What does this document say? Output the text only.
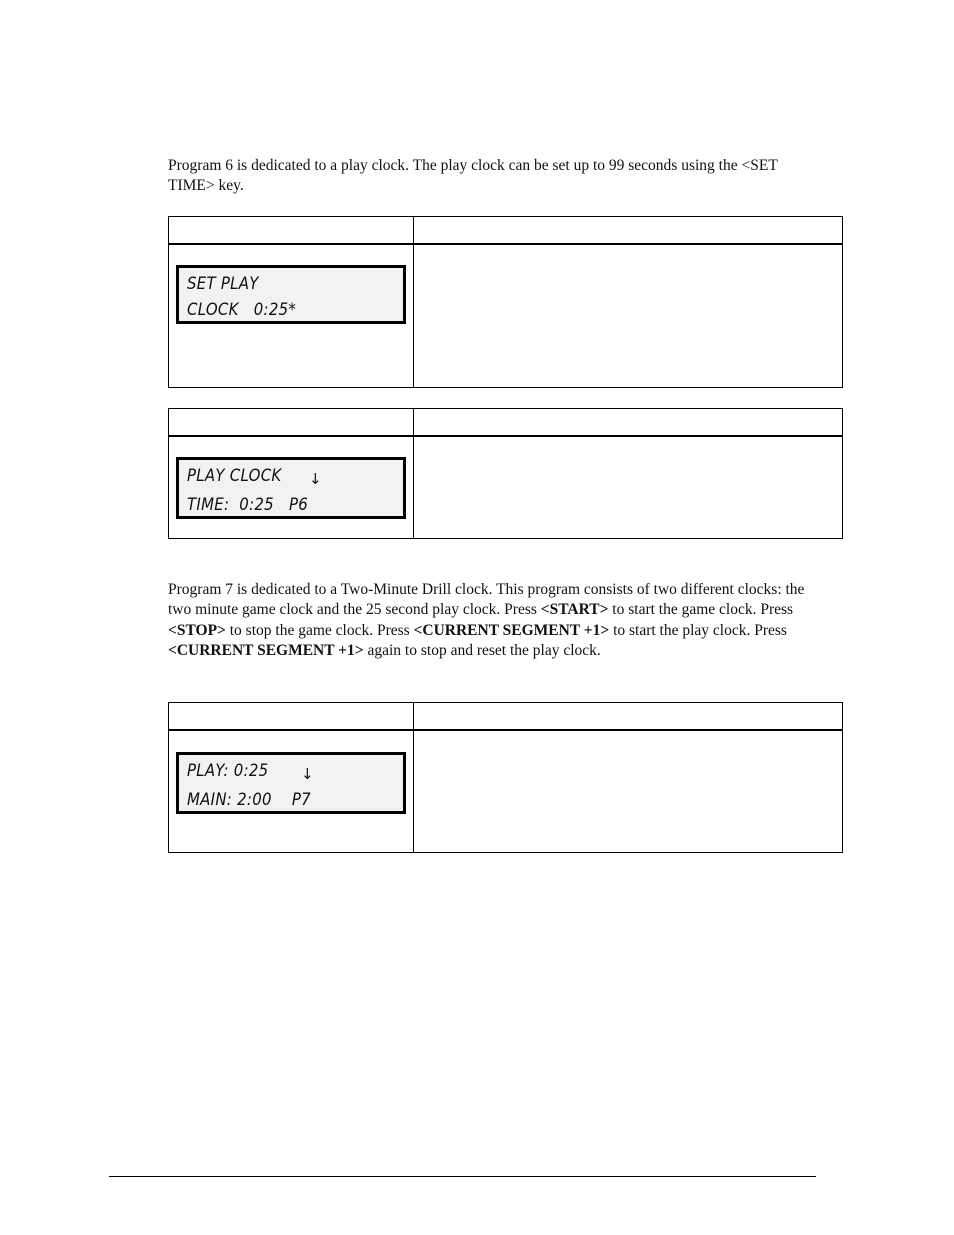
Program 6 is dedicated to a play clock. The play clock can be set up to 99 seconds using the <SET TIME> key.

SET PLAY
CLOCK   0:25*	

PLAY CLOCK ↓
TIME:  0:25   P6	

Program 7 is dedicated to a Two-Minute Drill clock. This program consists of two different clocks: the two minute game clock and the 25 second play clock. Press <START> to start the game clock. Press <STOP> to stop the game clock. Press <CURRENT SEGMENT +1> to start the play clock. Press <CURRENT SEGMENT +1> again to stop and reset the play clock.

PLAY: 0:25 ↓
MAIN: 2:00    P7	
